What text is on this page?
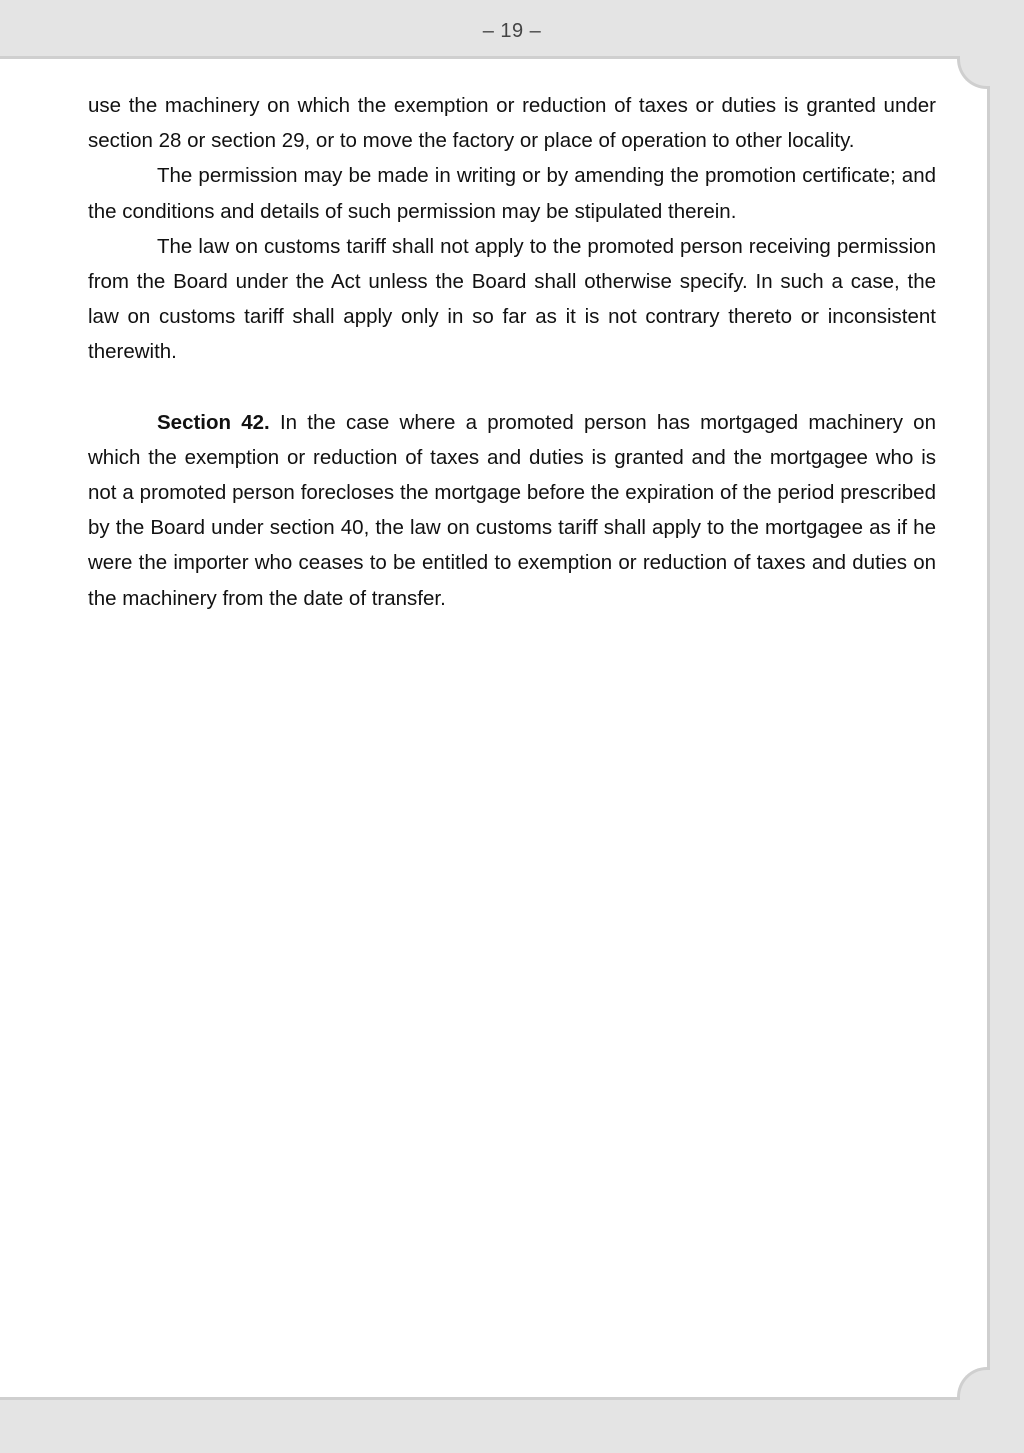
– 19 –

use the machinery on which the exemption or reduction of taxes or duties is granted under section 28 or section 29, or to move the factory or place of operation to other locality.

The permission may be made in writing or by amending the promotion certificate; and the conditions and details of such permission may be stipulated therein.

The law on customs tariff shall not apply to the promoted person receiving permission from the Board under the Act unless the Board shall otherwise specify. In such a case, the law on customs tariff shall apply only in so far as it is not contrary thereto or inconsistent therewith.

Section 42. In the case where a promoted person has mortgaged machinery on which the exemption or reduction of taxes and duties is granted and the mortgagee who is not a promoted person forecloses the mortgage before the expiration of the period prescribed by the Board under section 40, the law on customs tariff shall apply to the mortgagee as if he were the importer who ceases to be entitled to exemption or reduction of taxes and duties on the machinery from the date of transfer.
